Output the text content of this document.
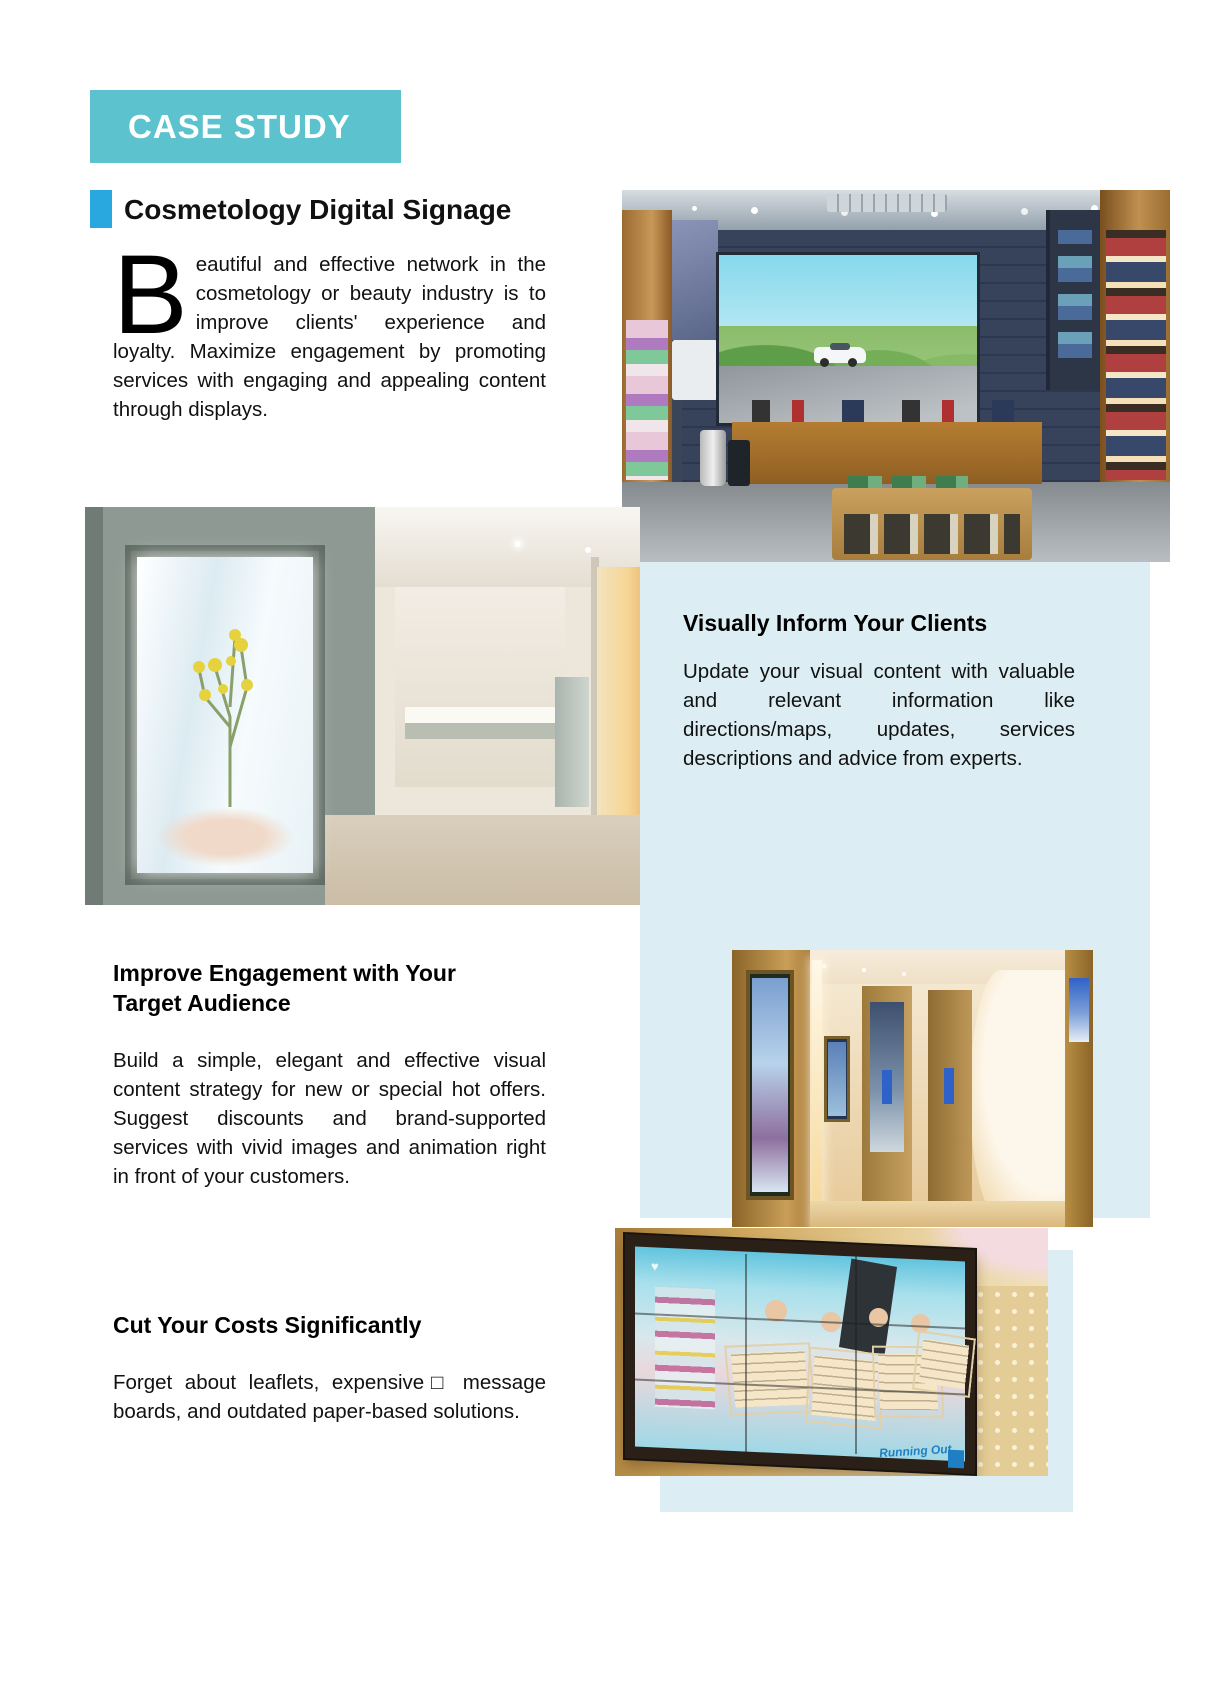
CASE STUDY
Cosmetology Digital Signage
Beautiful and effective network in the cosmetology or beauty industry is to improve clients' experience and loyalty. Maximize engagement by promoting services with engaging and appealing content through displays.
Visually Inform Your Clients

Update your visual content with valuable and relevant information like directions/maps, updates, services descriptions and advice from experts.

Improve Engagement with Your Target Audience

Build a simple, elegant and effective visual content strategy for new or special hot offers. Suggest discounts and brand-supported services with vivid images and animation right in front of your customers.

♥
Running Out
Cut Your Costs Significantly

Forget about leaflets, expensive□ message boards, and outdated paper-based solutions.
